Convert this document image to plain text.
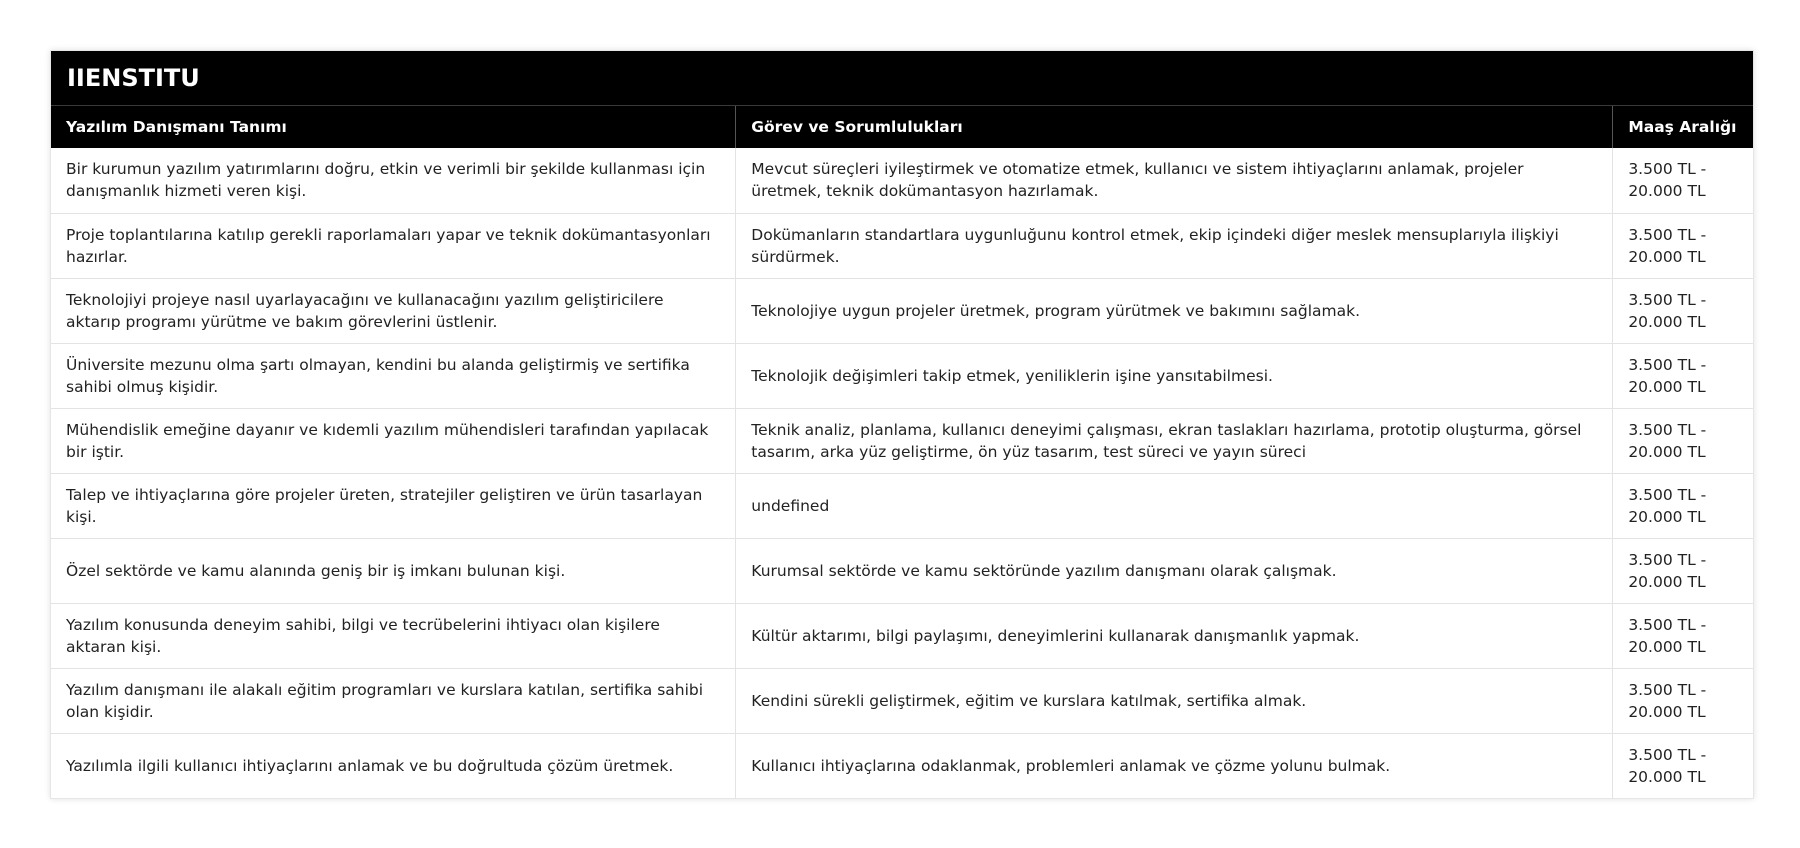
IIENSTITU
Yazılım Danışmanı Tanımı	Görev ve Sorumlulukları	Maaş Aralığı
Bir kurumun yazılım yatırımlarını doğru, etkin ve verimli bir şekilde kullanması için danışmanlık hizmeti veren kişi.	Mevcut süreçleri iyileştirmek ve otomatize etmek, kullanıcı ve sistem ihtiyaçlarını anlamak, projeler üretmek, teknik dokümantasyon hazırlamak.	3.500 TL - 20.000 TL
Proje toplantılarına katılıp gerekli raporlamaları yapar ve teknik dokümantasyonları hazırlar.	Dokümanların standartlara uygunluğunu kontrol etmek, ekip içindeki diğer meslek mensuplarıyla ilişkiyi sürdürmek.	3.500 TL - 20.000 TL
Teknolojiyi projeye nasıl uyarlayacağını ve kullanacağını yazılım geliştiricilere aktarıp programı yürütme ve bakım görevlerini üstlenir.	Teknolojiye uygun projeler üretmek, program yürütmek ve bakımını sağlamak.	3.500 TL - 20.000 TL
Üniversite mezunu olma şartı olmayan, kendini bu alanda geliştirmiş ve sertifika sahibi olmuş kişidir.	Teknolojik değişimleri takip etmek, yeniliklerin işine yansıtabilmesi.	3.500 TL - 20.000 TL
Mühendislik emeğine dayanır ve kıdemli yazılım mühendisleri tarafından yapılacak bir iştir.	Teknik analiz, planlama, kullanıcı deneyimi çalışması, ekran taslakları hazırlama, prototip oluşturma, görsel tasarım, arka yüz geliştirme, ön yüz tasarım, test süreci ve yayın süreci	3.500 TL - 20.000 TL
Talep ve ihtiyaçlarına göre projeler üreten, stratejiler geliştiren ve ürün tasarlayan kişi.	undefined	3.500 TL - 20.000 TL
Özel sektörde ve kamu alanında geniş bir iş imkanı bulunan kişi.	Kurumsal sektörde ve kamu sektöründe yazılım danışmanı olarak çalışmak.	3.500 TL - 20.000 TL
Yazılım konusunda deneyim sahibi, bilgi ve tecrübelerini ihtiyacı olan kişilere aktaran kişi.	Kültür aktarımı, bilgi paylaşımı, deneyimlerini kullanarak danışmanlık yapmak.	3.500 TL - 20.000 TL
Yazılım danışmanı ile alakalı eğitim programları ve kurslara katılan, sertifika sahibi olan kişidir.	Kendini sürekli geliştirmek, eğitim ve kurslara katılmak, sertifika almak.	3.500 TL - 20.000 TL
Yazılımla ilgili kullanıcı ihtiyaçlarını anlamak ve bu doğrultuda çözüm üretmek.	Kullanıcı ihtiyaçlarına odaklanmak, problemleri anlamak ve çözme yolunu bulmak.	3.500 TL - 20.000 TL
